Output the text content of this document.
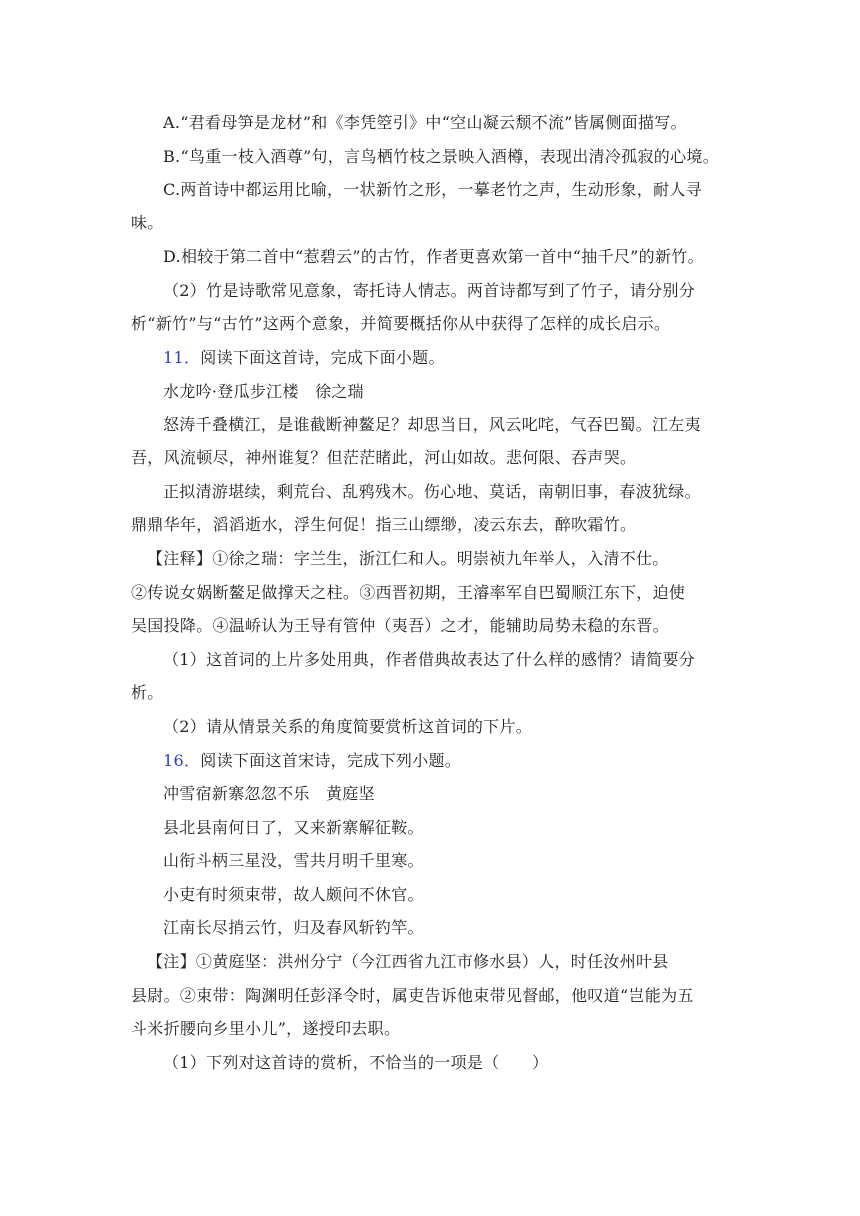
A.“君看母笋是龙材”和《李凭箜引》中“空山凝云颓不流”皆属侧面描写。
B.“鸟重一枝入酒尊”句，言鸟栖竹枝之景映入酒樽，表现出清冷孤寂的心境。
C.两首诗中都运用比喻，一状新竹之形，一摹老竹之声，生动形象，耐人寻
味。
D.相较于第二首中“惹碧云”的古竹，作者更喜欢第一首中“抽千尺”的新竹。
（2）竹是诗歌常见意象，寄托诗人情志。两首诗都写到了竹子，请分别分
析“新竹”与“古竹”这两个意象，并简要概括你从中获得了怎样的成长启示。
11．阅读下面这首诗，完成下面小题。
水龙吟·登瓜步江楼　徐之瑞
怒涛千叠横江，是谁截断神鳌足？却思当日，风云叱咤，气吞巴蜀。江左夷
吾，风流顿尽，神州谁复？但茫茫睹此，河山如故。悲何限、吞声哭。
正拟清游堪续，剩荒台、乱鸦残木。伤心地、莫话，南朝旧事，春波犹绿。
鼎鼎华年，滔滔逝水，浮生何促！指三山缥缈，凌云东去，醉吹霜竹。
【注释】①徐之瑞：字兰生，浙江仁和人。明崇祯九年举人，入清不仕。
②传说女娲断鳌足做撑天之柱。③西晋初期，王濬率军自巴蜀顺江东下，迫使
吴国投降。④温峤认为王导有管仲（夷吾）之才，能辅助局势未稳的东晋。
（1）这首词的上片多处用典，作者借典故表达了什么样的感情？请简要分
析。
（2）请从情景关系的角度简要赏析这首词的下片。
16．阅读下面这首宋诗，完成下列小题。
冲雪宿新寨忽忽不乐　黄庭坚
县北县南何日了，又来新寨解征鞍。
山衔斗柄三星没，雪共月明千里寒。
小吏有时须束带，故人颇问不休官。
江南长尽捎云竹，归及春风斩钓竿。
【注】①黄庭坚：洪州分宁（今江西省九江市修水县）人，时任汝州叶县
县尉。②束带：陶渊明任彭泽令时，属吏告诉他束带见督邮，他叹道“岂能为五
斗米折腰向乡里小儿”，遂授印去职。
（1）下列对这首诗的赏析，不恰当的一项是（　　）
